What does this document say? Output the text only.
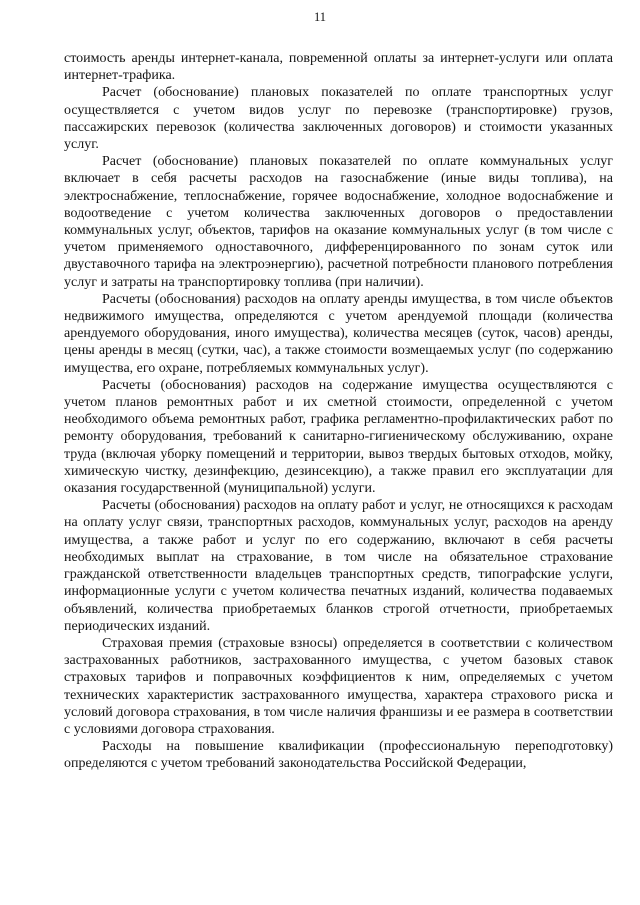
11

стоимость аренды интернет-канала, повременной оплаты за интернет-услуги или оплата интернет-трафика.

Расчет (обоснование) плановых показателей по оплате транспортных услуг осуществляется с учетом видов услуг по перевозке (транспортировке) грузов, пассажирских перевозок (количества заключенных договоров) и стоимости указанных услуг.

Расчет (обоснование) плановых показателей по оплате коммунальных услуг включает в себя расчеты расходов на газоснабжение (иные виды топлива), на электроснабжение, теплоснабжение, горячее водоснабжение, холодное водоснабжение и водоотведение с учетом количества заключенных договоров о предоставлении коммунальных услуг, объектов, тарифов на оказание коммунальных услуг (в том числе с учетом применяемого одноставочного, дифференцированного по зонам суток или двуставочного тарифа на электроэнергию), расчетной потребности планового потребления услуг и затраты на транспортировку топлива (при наличии).

Расчеты (обоснования) расходов на оплату аренды имущества, в том числе объектов недвижимого имущества, определяются с учетом арендуемой площади (количества арендуемого оборудования, иного имущества), количества месяцев (суток, часов) аренды, цены аренды в месяц (сутки, час), а также стоимости возмещаемых услуг (по содержанию имущества, его охране, потребляемых коммунальных услуг).

Расчеты (обоснования) расходов на содержание имущества осуществляются с учетом планов ремонтных работ и их сметной стоимости, определенной с учетом необходимого объема ремонтных работ, графика регламентно-профилактических работ по ремонту оборудования, требований к санитарно-гигиеническому обслуживанию, охране труда (включая уборку помещений и территории, вывоз твердых бытовых отходов, мойку, химическую чистку, дезинфекцию, дезинсекцию), а также правил его эксплуатации для оказания государственной (муниципальной) услуги.

Расчеты (обоснования) расходов на оплату работ и услуг, не относящихся к расходам на оплату услуг связи, транспортных расходов, коммунальных услуг, расходов на аренду имущества, а также работ и услуг по его содержанию, включают в себя расчеты необходимых выплат на страхование, в том числе на обязательное страхование гражданской ответственности владельцев транспортных средств, типографские услуги, информационные услуги с учетом количества печатных изданий, количества подаваемых объявлений, количества приобретаемых бланков строгой отчетности, приобретаемых периодических изданий.

Страховая премия (страховые взносы) определяется в соответствии с количеством застрахованных работников, застрахованного имущества, с учетом базовых ставок страховых тарифов и поправочных коэффициентов к ним, определяемых с учетом технических характеристик застрахованного имущества, характера страхового риска и условий договора страхования, в том числе наличия франшизы и ее размера в соответствии с условиями договора страхования.

Расходы на повышение квалификации (профессиональную переподготовку) определяются с учетом требований законодательства Российской Федерации,
